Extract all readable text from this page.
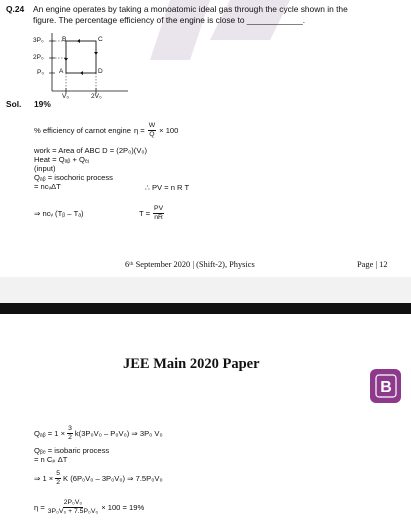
Q.24 An engine operates by taking a monoatomic ideal gas through the cycle shown in the
figure. The percentage efficiency of the engine is close to ____________.
3P₀
2P₀
P₀
B	C
A	D
V₀	2V₀
Sol. 19%
% efficiency of carnot engine $\eta = \frac{W}{Q} \times 100$
work = Area of ABC D = (2P₀)(V₀)
Heat = Qₐᵦ + Qₑⱼ
(input)
Qₐᵦ = isochoric process
= ncᵥΔT	∴ PV = n R T
⇒ ncᵥ (Tᵦ – Tₐ)	$T = \frac{PV}{nR}$
6ᵗʰ September 2020 | (Shift-2), Physics	Page | 12
JEE Main 2020 Paper
B
Qₐᵦ = $1 \times \frac{3}{2} k(3P_0V_0 - P_0V_0)$ ⇒ 3P₀ V₀
Qᵦₑ = isobaric process
= n Cₚ ΔT
⇒ $1 \times \frac{5}{2}$ K (6P₀V₀ – 3P₀V₀) ⇒ 7.5P₀V₀
$\eta = \frac{\text{2P₀V₀}}{\text{3P₀V₀ + 7.5P₀V₀}} \times 100 = 19\%$
